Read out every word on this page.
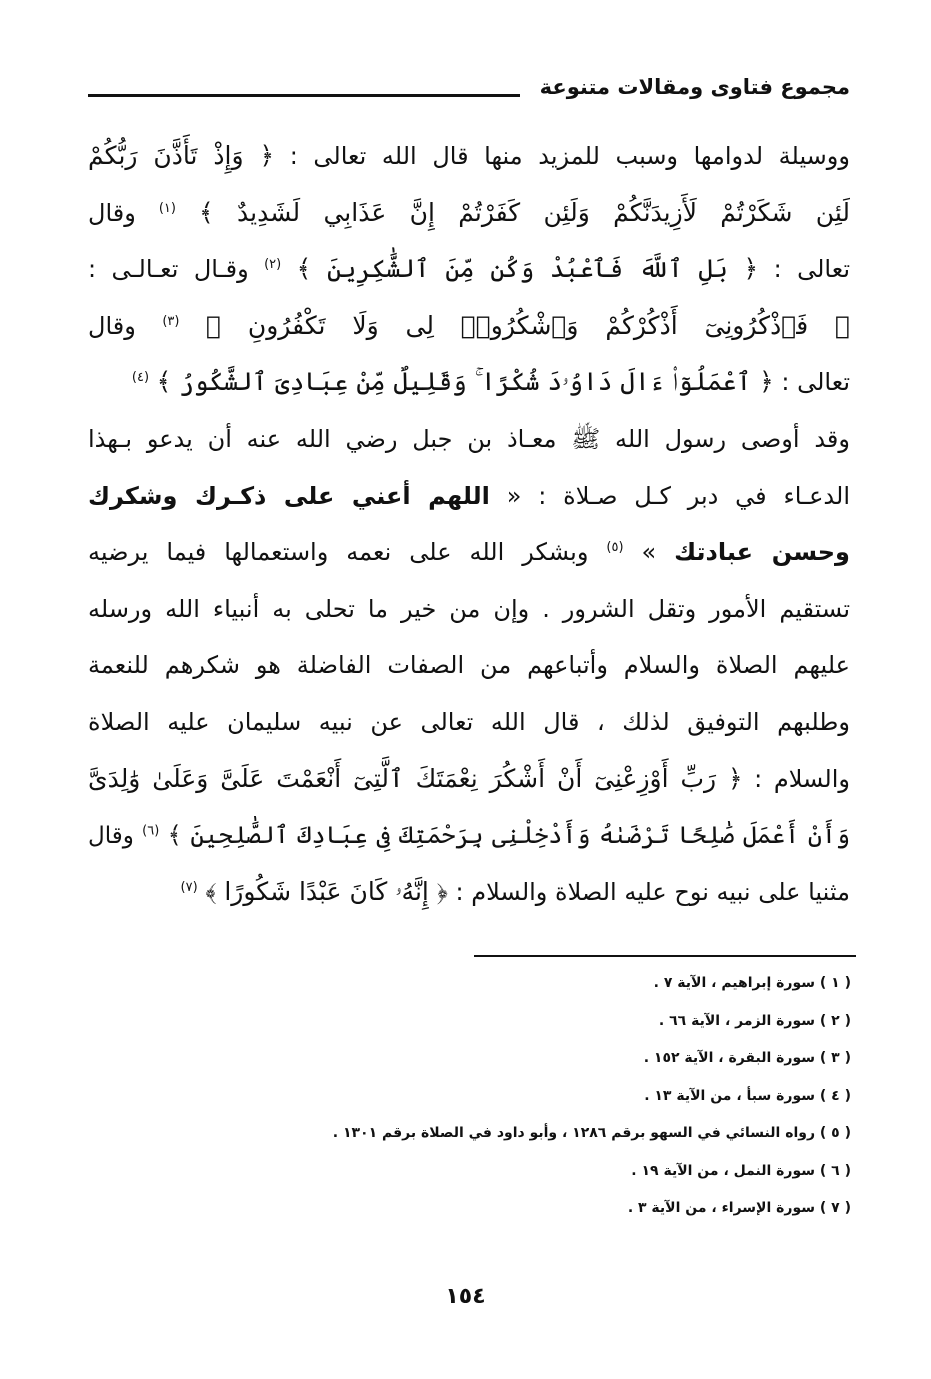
مجموع فتاوى ومقالات متنوعة
ووسيلة لدوامها وسبب للمزيد منها قال الله تعالى : ﴿ وَإِذْ تَأَذَّنَ رَبُّكُمْ
لَئِن شَكَرْتُمْ لَأَزِيدَنَّكُمْ وَلَئِن كَفَرْتُمْ إِنَّ عَذَابِي لَشَدِيدٌ ﴾ $^{(١)}$ وقال
تعالى : ﴿ بَلِ ٱللَّهَ فَٱعْبُدْ وَكُن مِّنَ ٱلشَّٰكِرِينَ ﴾ $^{(٢)}$ وقـال تعـالـى :
﴿ فَٱذْكُرُونِىٓ أَذْكُرْكُمْ وَٱشْكُرُوا۟ لِى وَلَا تَكْفُرُونِ ﴾ $^{(٣)}$ وقال
تعالى : ﴿ ٱعْمَلُوٓا۟ ءَالَ دَاوُۥدَ شُكْرًا ۚ وَقَلِيلٌ مِّنْ عِبَادِىَ ٱلشَّكُورُ ﴾ $^{(٤)}$
وقد أوصى رسول الله ﷺ معـاذ بن جبل رضي الله عنه أن يدعو بـهذا
الدعـاء في دبر كـل صـلاة : « اللهم أعني على ذكـرك وشكرك
وحسن عبادتك » $^{(٥)}$ وبشكر الله على نعمه واستعمالها فيما يرضيه
تستقيم الأمور وتقل الشرور . وإن من خير ما تحلى به أنبياء الله ورسله
عليهم الصلاة والسلام وأتباعهم من الصفات الفاضلة هو شكرهم للنعمة
وطلبهم التوفيق لذلك ، قال الله تعالى عن نبيه سليمان عليه الصلاة
والسلام : ﴿ رَبِّ أَوْزِعْنِىٓ أَنْ أَشْكُرَ نِعْمَتَكَ ٱلَّتِىٓ أَنْعَمْتَ عَلَىَّ وَعَلَىٰ وَٰلِدَىَّ
وَأَنْ أَعْمَلَ صَٰلِحًا تَرْضَىٰهُ وَأَدْخِلْنِى بِرَحْمَتِكَ فِى عِبَادِكَ ٱلصَّٰلِحِينَ ﴾ $^{(٦)}$ وقال
مثنيا على نبيه نوح عليه الصلاة والسلام : ﴿ إِنَّهُۥ كَانَ عَبْدًا شَكُورًا ﴾ $^{(٧)}$
( ١ ) سورة إبراهيم ، الآية ٧ .
( ٢ ) سورة الزمر ، الآية ٦٦ .
( ٣ ) سورة البقرة ، الآية ١٥٢ .
( ٤ ) سورة سبأ ، من الآية ١٣ .
( ٥ ) رواه النسائي في السهو برقم ١٢٨٦ ، وأبو داود في الصلاة برقم ١٣٠١ .
( ٦ ) سورة النمل ، من الآية ١٩ .
( ٧ ) سورة الإسراء ، من الآية ٣ .
١٥٤
